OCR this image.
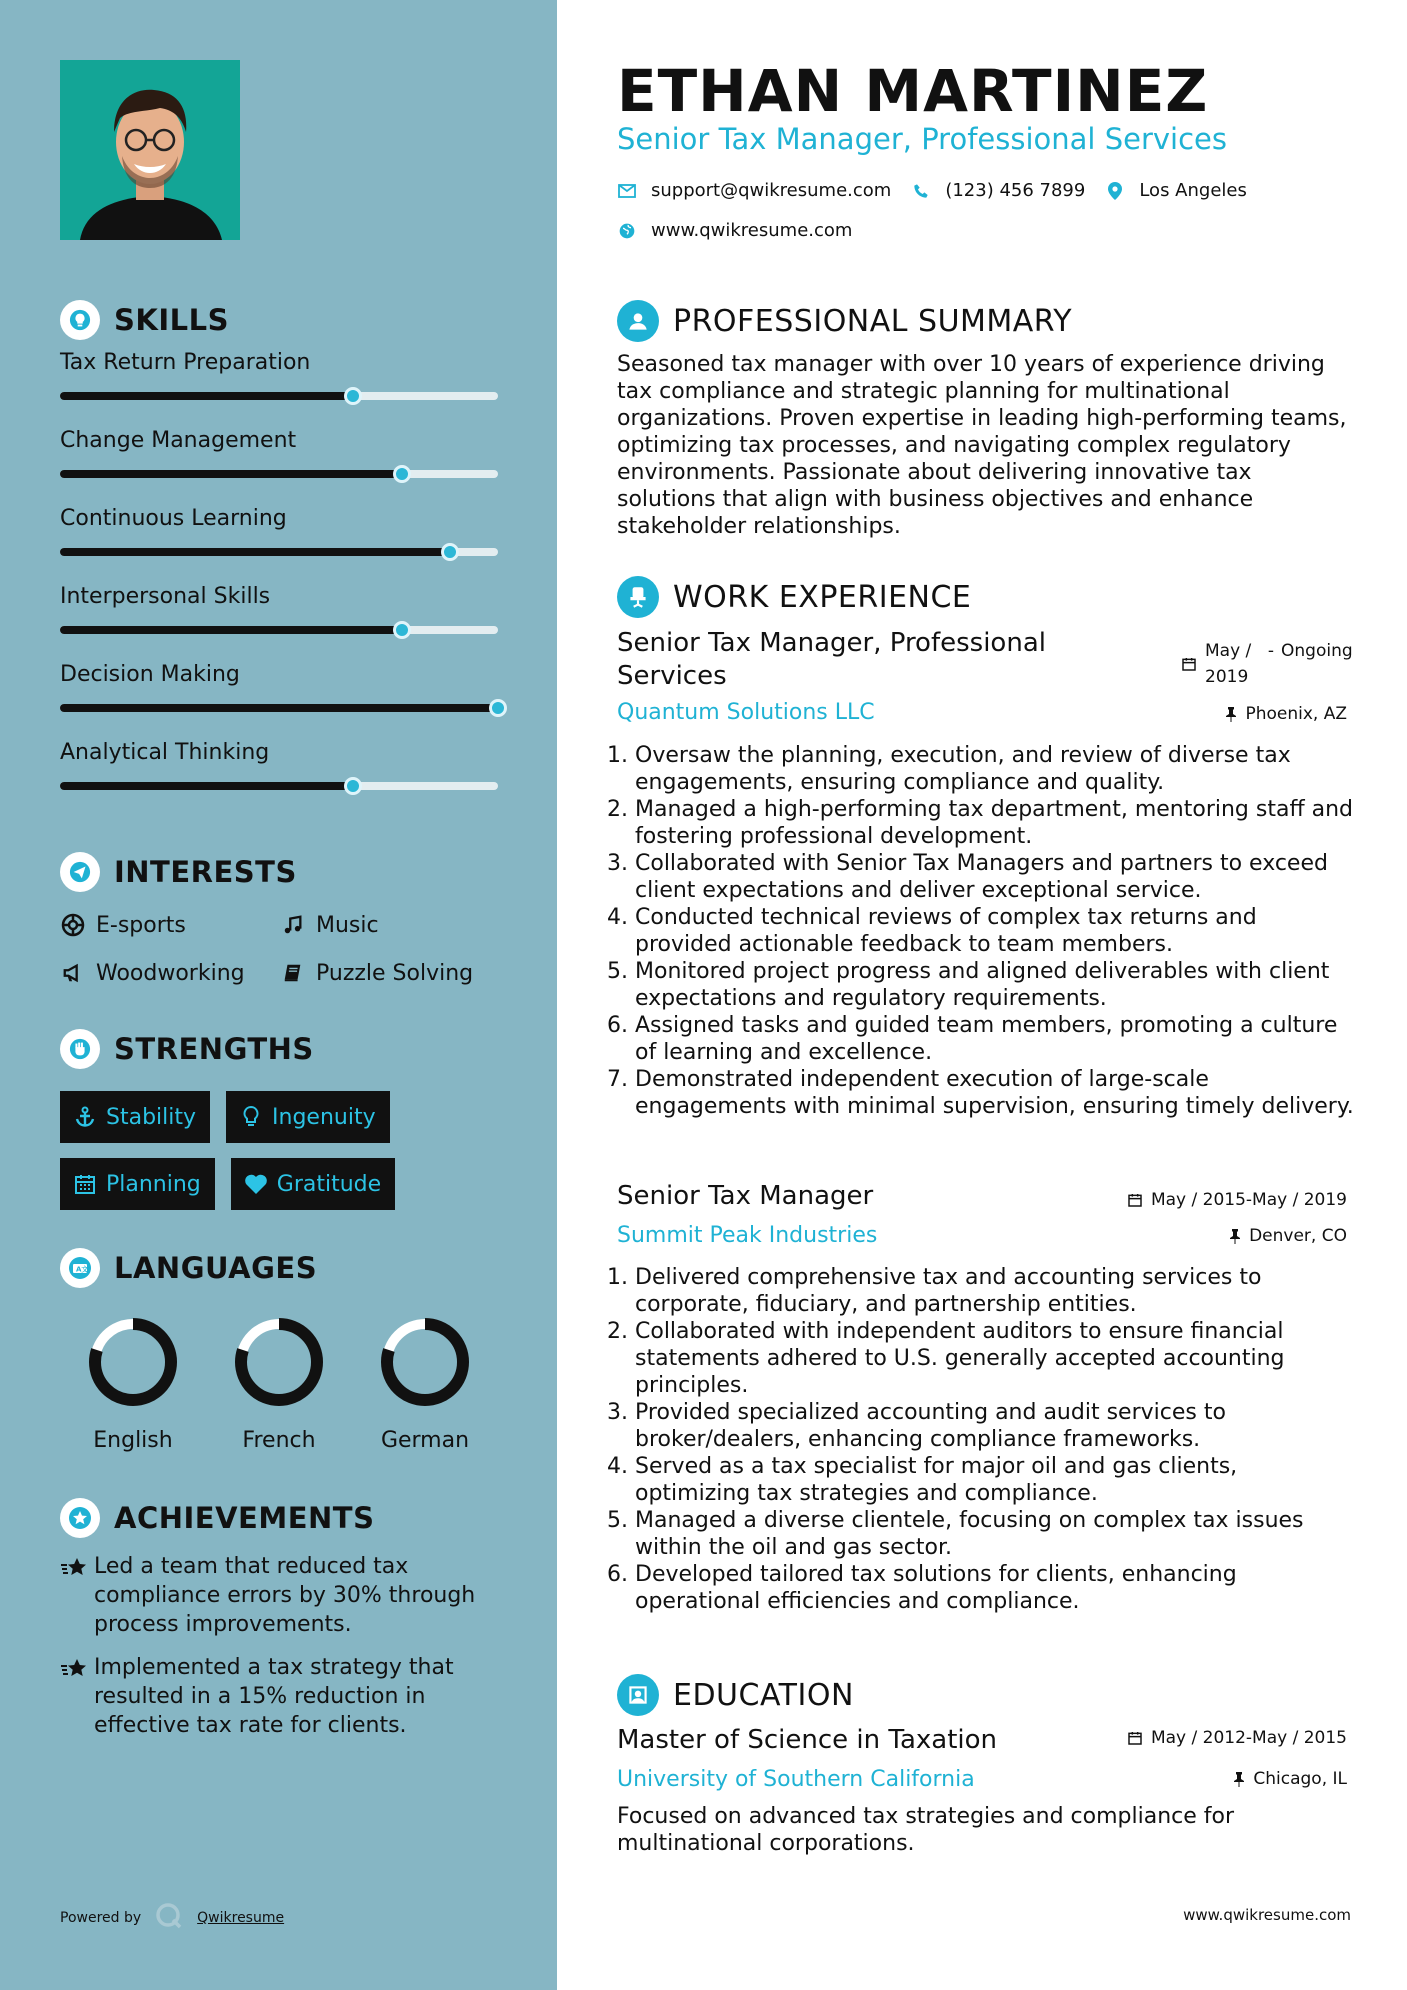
SKILLS
Tax Return Preparation
Change Management
Continuous Learning
Interpersonal Skills
Decision Making
Analytical Thinking
INTERESTS
E-sports	Music
Woodworking	Puzzle Solving
STRENGTHS
Stability	Ingenuity
Planning	Gratitude
A文 LANGUAGES
English	French	German
ACHIEVEMENTS
Led a team that reduced tax compliance errors by 30% through process improvements.
Implemented a tax strategy that resulted in a 15% reduction in effective tax rate for clients.
Powered by	Qwikresume
ETHAN MARTINEZ
Senior Tax Manager, Professional Services
support@qwikresume.com	(123) 456 7899	Los Angeles
www.qwikresume.com
PROFESSIONAL SUMMARY
Seasoned tax manager with over 10 years of experience driving tax compliance and strategic planning for multinational organizations. Proven expertise in leading high-performing teams, optimizing tax processes, and navigating complex regulatory environments. Passionate about delivering innovative tax solutions that align with business objectives and enhance stakeholder relationships.
WORK EXPERIENCE
Senior Tax Manager, Professional Services
May / 2019
- Ongoing
Quantum Solutions LLC	Phoenix, AZ
1. Oversaw the planning, execution, and review of diverse tax engagements, ensuring compliance and quality.
2. Managed a high-performing tax department, mentoring staff and fostering professional development.
3. Collaborated with Senior Tax Managers and partners to exceed client expectations and deliver exceptional service.
4. Conducted technical reviews of complex tax returns and provided actionable feedback to team members.
5. Monitored project progress and aligned deliverables with client expectations and regulatory requirements.
6. Assigned tasks and guided team members, promoting a culture of learning and excellence.
7. Demonstrated independent execution of large-scale engagements with minimal supervision, ensuring timely delivery.
Senior Tax Manager	May / 2015-May / 2019
Summit Peak Industries	Denver, CO
1. Delivered comprehensive tax and accounting services to corporate, fiduciary, and partnership entities.
2. Collaborated with independent auditors to ensure financial statements adhered to U.S. generally accepted accounting principles.
3. Provided specialized accounting and audit services to broker/dealers, enhancing compliance frameworks.
4. Served as a tax specialist for major oil and gas clients, optimizing tax strategies and compliance.
5. Managed a diverse clientele, focusing on complex tax issues within the oil and gas sector.
6. Developed tailored tax solutions for clients, enhancing operational efficiencies and compliance.
EDUCATION
Master of Science in Taxation	May / 2012-May / 2015
University of Southern California	Chicago, IL
Focused on advanced tax strategies and compliance for multinational corporations.
www.qwikresume.com
